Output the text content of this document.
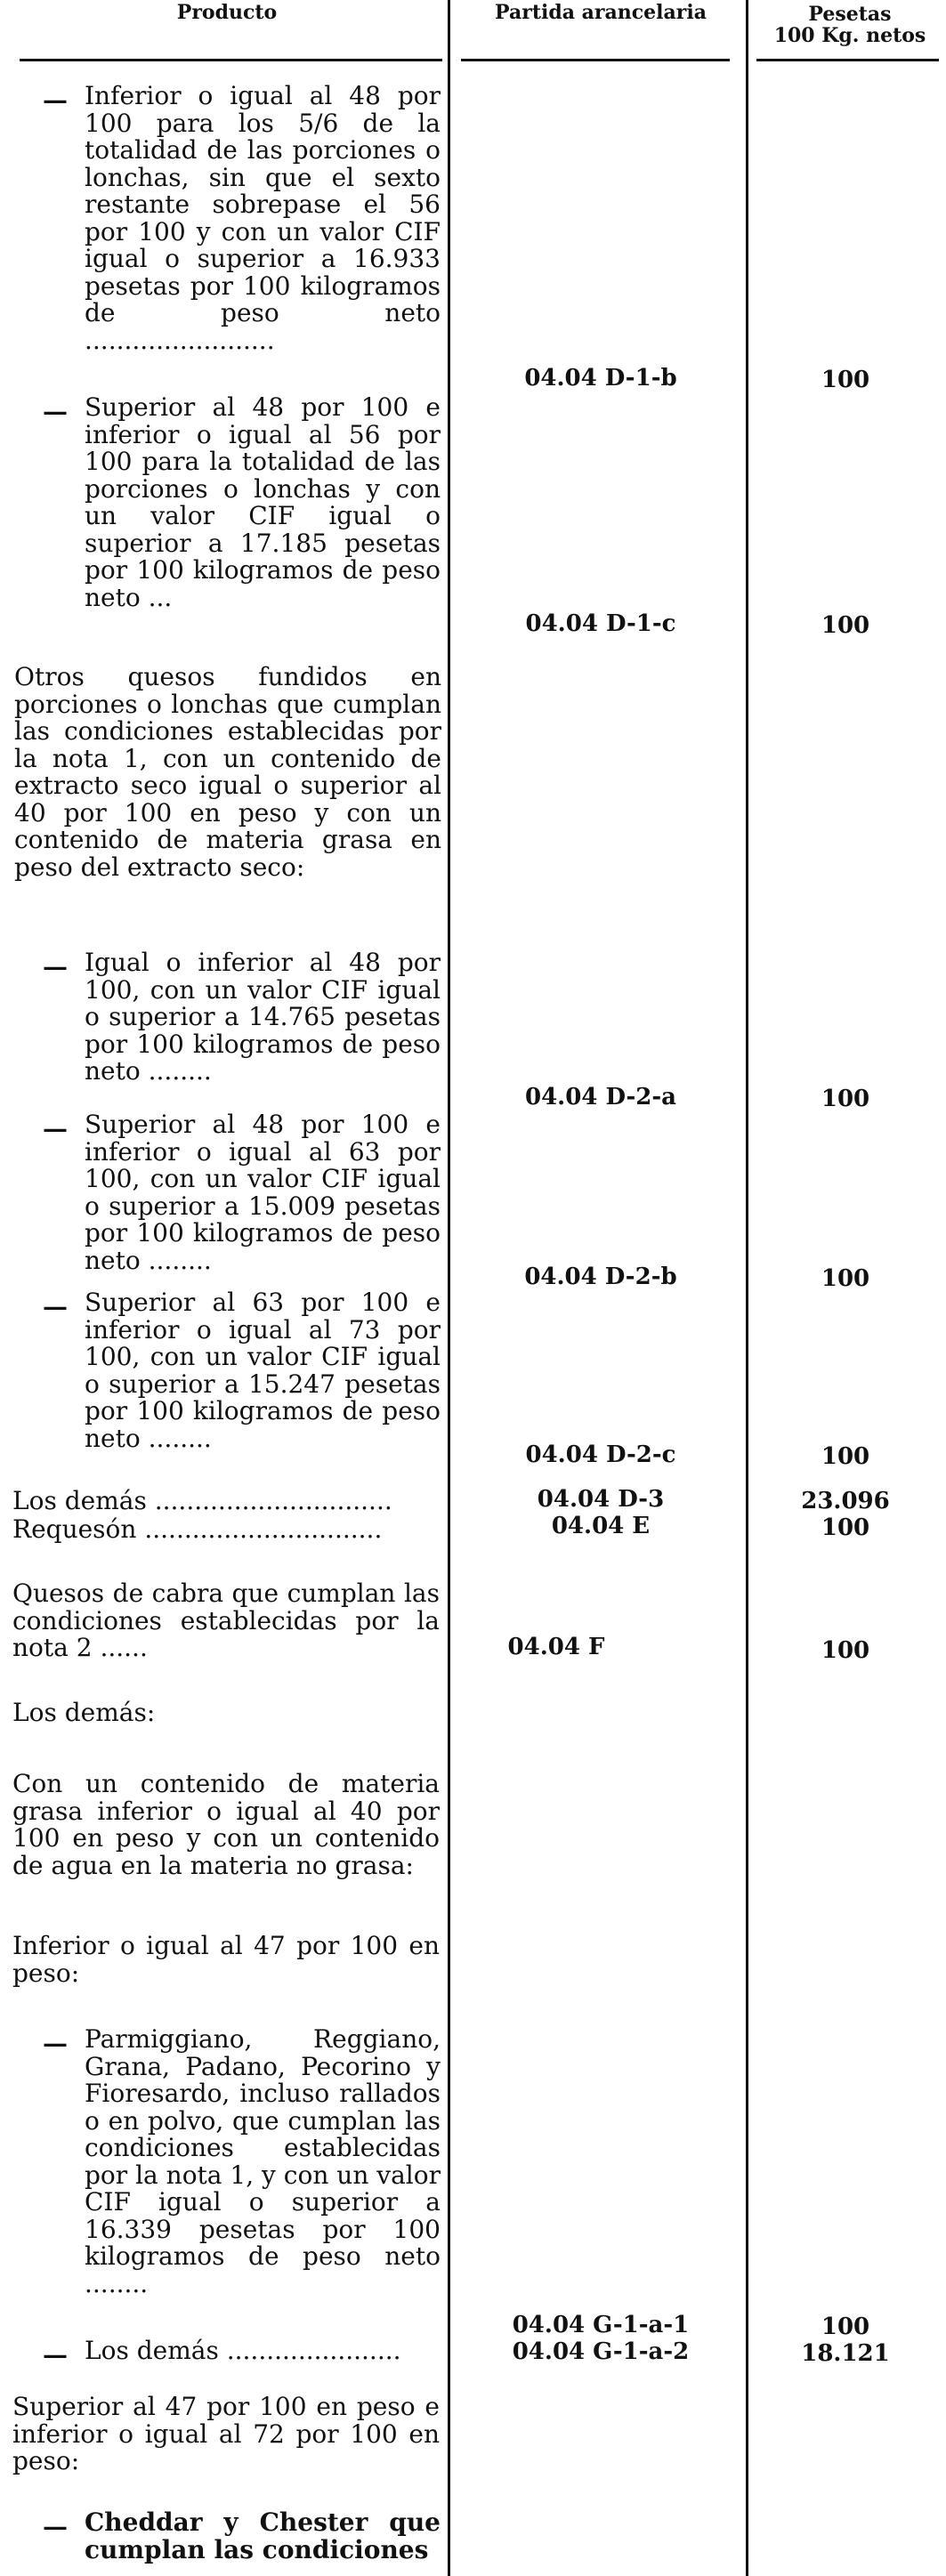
Producto	Partida arancelaria	Pesetas
100 Kg. netos
— Inferior o igual al 48 por 100 para los 5/6 de la totalidad de las porciones o lonchas, sin que el sexto restante sobrepase el 56 por 100 y con un valor CIF igual o superior a 16.933 pesetas por 100 kilogramos de peso neto ........................
04.04 D-1-b	100
— Superior al 48 por 100 e inferior o igual al 56 por 100 para la totalidad de las porciones o lonchas y con un valor CIF igual o superior a 17.185 pesetas por 100 kilogramos de peso neto ...
04.04 D-1-c	100
Otros quesos fundidos en porciones o lonchas que cumplan las condiciones establecidas por la nota 1, con un contenido de extracto seco igual o superior al 40 por 100 en peso y con un contenido de materia grasa en peso del extracto seco:
— Igual o inferior al 48 por 100, con un valor CIF igual o superior a 14.765 pesetas por 100 kilogramos de peso neto ........
04.04 D-2-a	100
— Superior al 48 por 100 e inferior o igual al 63 por 100, con un valor CIF igual o superior a 15.009 pesetas por 100 kilogramos de peso neto ........
04.04 D-2-b	100
— Superior al 63 por 100 e inferior o igual al 73 por 100, con un valor CIF igual o superior a 15.247 pesetas por 100 kilogramos de peso neto ........
04.04 D-2-c	100
Los demás ..............................	04.04 D-3	23.096
Requesón ..............................	04.04 E	100
Quesos de cabra que cumplan las condiciones establecidas por la nota 2 ......	04.04 F	100
Los demás:
Con un contenido de materia grasa inferior o igual al 40 por 100 en peso y con un contenido de agua en la materia no grasa:
Inferior o igual al 47 por 100 en peso:
— Parmiggiano, Reggiano, Grana, Padano, Pecorino y Fioresardo, incluso rallados o en polvo, que cumplan las condiciones establecidas por la nota 1, y con un valor CIF igual o superior a 16.339 pesetas por 100 kilogramos de peso neto ........
04.04 G-1-a-1	100
— Los demás ......................	04.04 G-1-a-2	18.121
Superior al 47 por 100 en peso e inferior o igual al 72 por 100 en peso:
— Cheddar y Chester que cumplan las condiciones
